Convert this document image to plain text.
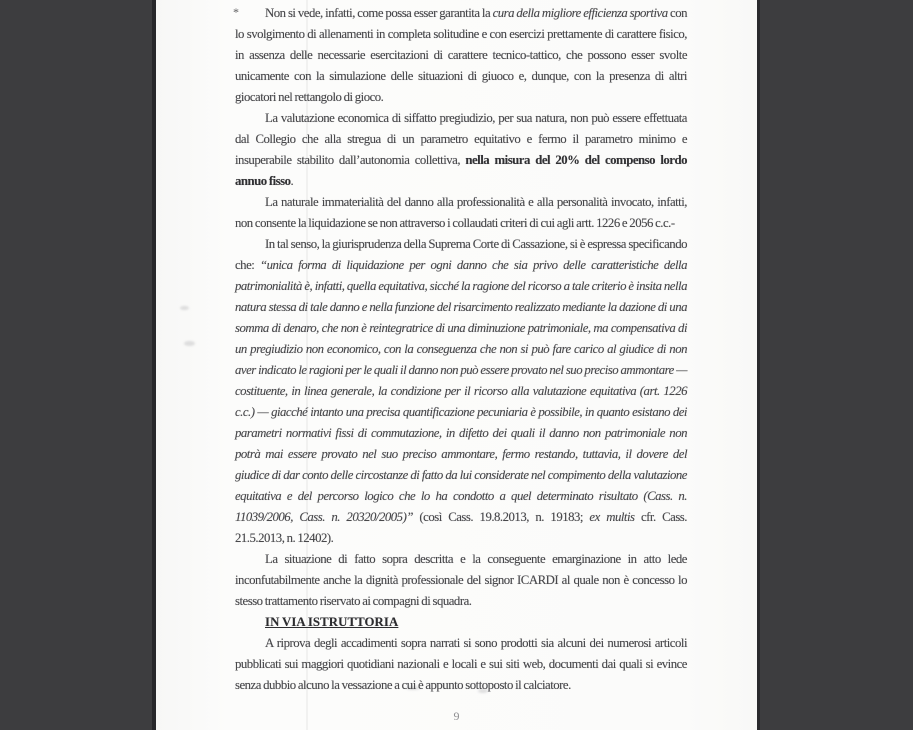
*	Non si vede, infatti, come possa esser garantita la cura della migliore efficienza sportiva con lo svolgimento di allenamenti in completa solitudine e con esercizi prettamente di carattere fisico, in assenza delle necessarie esercitazioni di carattere tecnico-tattico, che possono esser svolte unicamente con la simulazione delle situazioni di giuoco e, dunque, con la presenza di altri giocatori nel rettangolo di gioco.

La valutazione economica di siffatto pregiudizio, per sua natura, non può essere effettuata dal Collegio che alla stregua di un parametro equitativo e fermo il parametro minimo e insuperabile stabilito dall’autonomia collettiva, nella misura del 20% del compenso lordo annuo fisso.

La naturale immaterialità del danno alla professionalità e alla personalità invocato, infatti, non consente la liquidazione se non attraverso i collaudati criteri di cui agli artt. 1226 e 2056 c.c.-

In tal senso, la giurisprudenza della Suprema Corte di Cassazione, si è espressa specificando che: “unica forma di liquidazione per ogni danno che sia privo delle caratteristiche della patrimonialità è, infatti, quella equitativa, sicché la ragione del ricorso a tale criterio è insita nella natura stessa di tale danno e nella funzione del risarcimento realizzato mediante la dazione di una somma di denaro, che non è reintegratrice di una diminuzione patrimoniale, ma compensativa di un pregiudizio non economico, con la conseguenza che non si può fare carico al giudice di non aver indicato le ragioni per le quali il danno non può essere provato nel suo preciso ammontare — costituente, in linea generale, la condizione per il ricorso alla valutazione equitativa (art. 1226 c.c.) — giacché intanto una precisa quantificazione pecuniaria è possibile, in quanto esistano dei parametri normativi fissi di commutazione, in difetto dei quali il danno non patrimoniale non potrà mai essere provato nel suo preciso ammontare, fermo restando, tuttavia, il dovere del giudice di dar conto delle circostanze di fatto da lui considerate nel compimento della valutazione equitativa e del percorso logico che lo ha condotto a quel determinato risultato (Cass. n. 11039/2006, Cass. n. 20320/2005)” (così Cass. 19.8.2013, n. 19183; ex multis cfr. Cass. 21.5.2013, n. 12402).

La situazione di fatto sopra descritta e la conseguente emarginazione in atto lede inconfutabilmente anche la dignità professionale del signor ICARDI al quale non è concesso lo stesso trattamento riservato ai compagni di squadra.

IN VIA ISTRUTTORIA

A riprova degli accadimenti sopra narrati si sono prodotti sia alcuni dei numerosi articoli pubblicati sui maggiori quotidiani nazionali e locali e sui siti web, documenti dai quali si evince senza dubbio alcuno la vessazione a cui è appunto sottoposto il calciatore.

9
